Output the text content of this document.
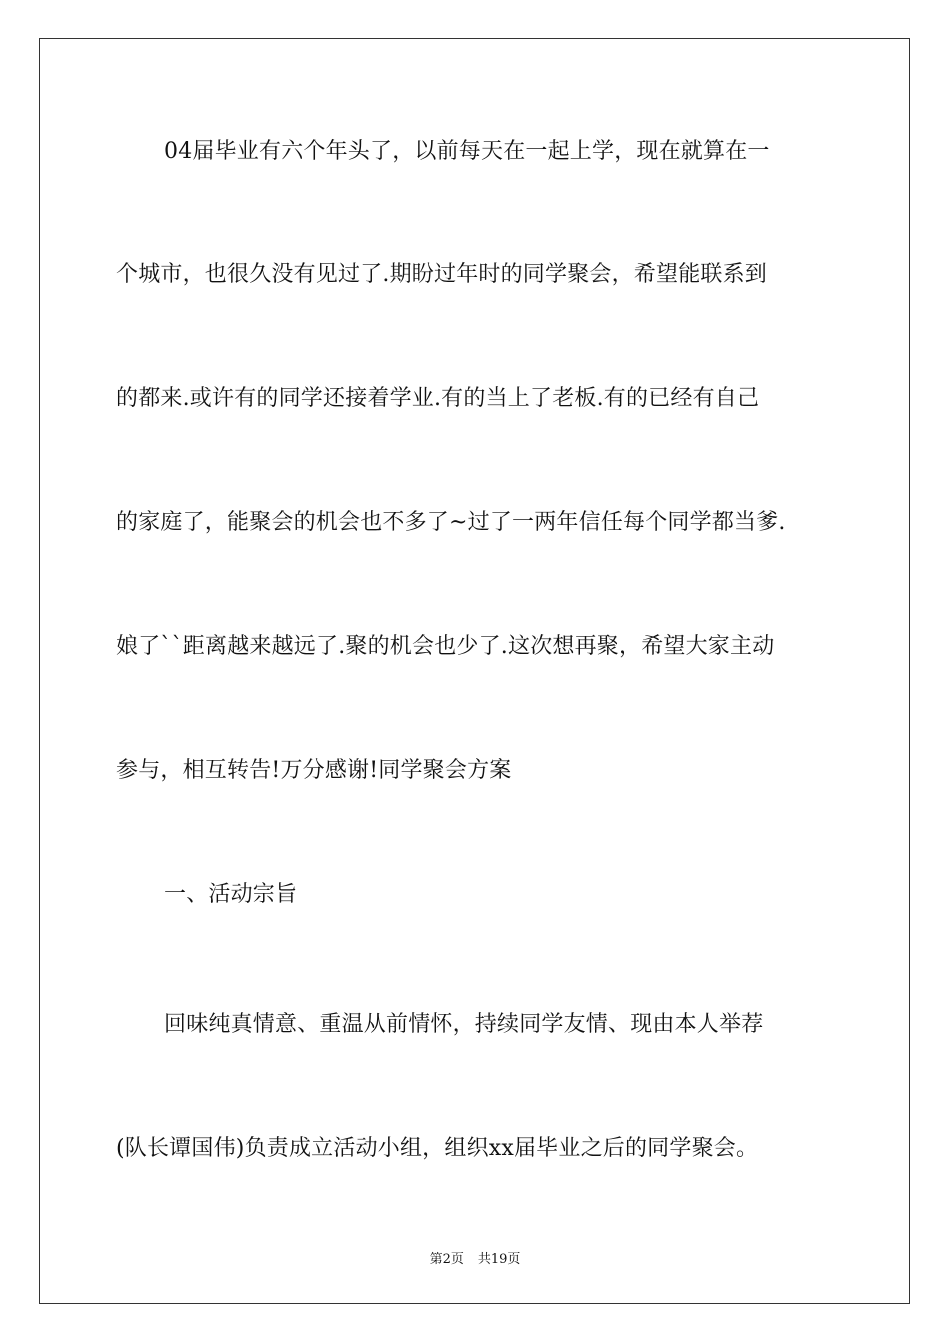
04届毕业有六个年头了，以前每天在一起上学，现在就算在一
个城市，也很久没有见过了.期盼过年时的同学聚会，希望能联系到
的都来.或许有的同学还接着学业.有的当上了老板.有的已经有自己
的家庭了，能聚会的机会也不多了~过了一两年信任每个同学都当爹.
娘了``距离越来越远了.聚的机会也少了.这次想再聚，希望大家主动
参与，相互转告!万分感谢!同学聚会方案
一、活动宗旨
回味纯真情意、重温从前情怀，持续同学友情、现由本人举荐
(队长谭国伟)负责成立活动小组，组织xx届毕业之后的同学聚会。
第2页 共19页
